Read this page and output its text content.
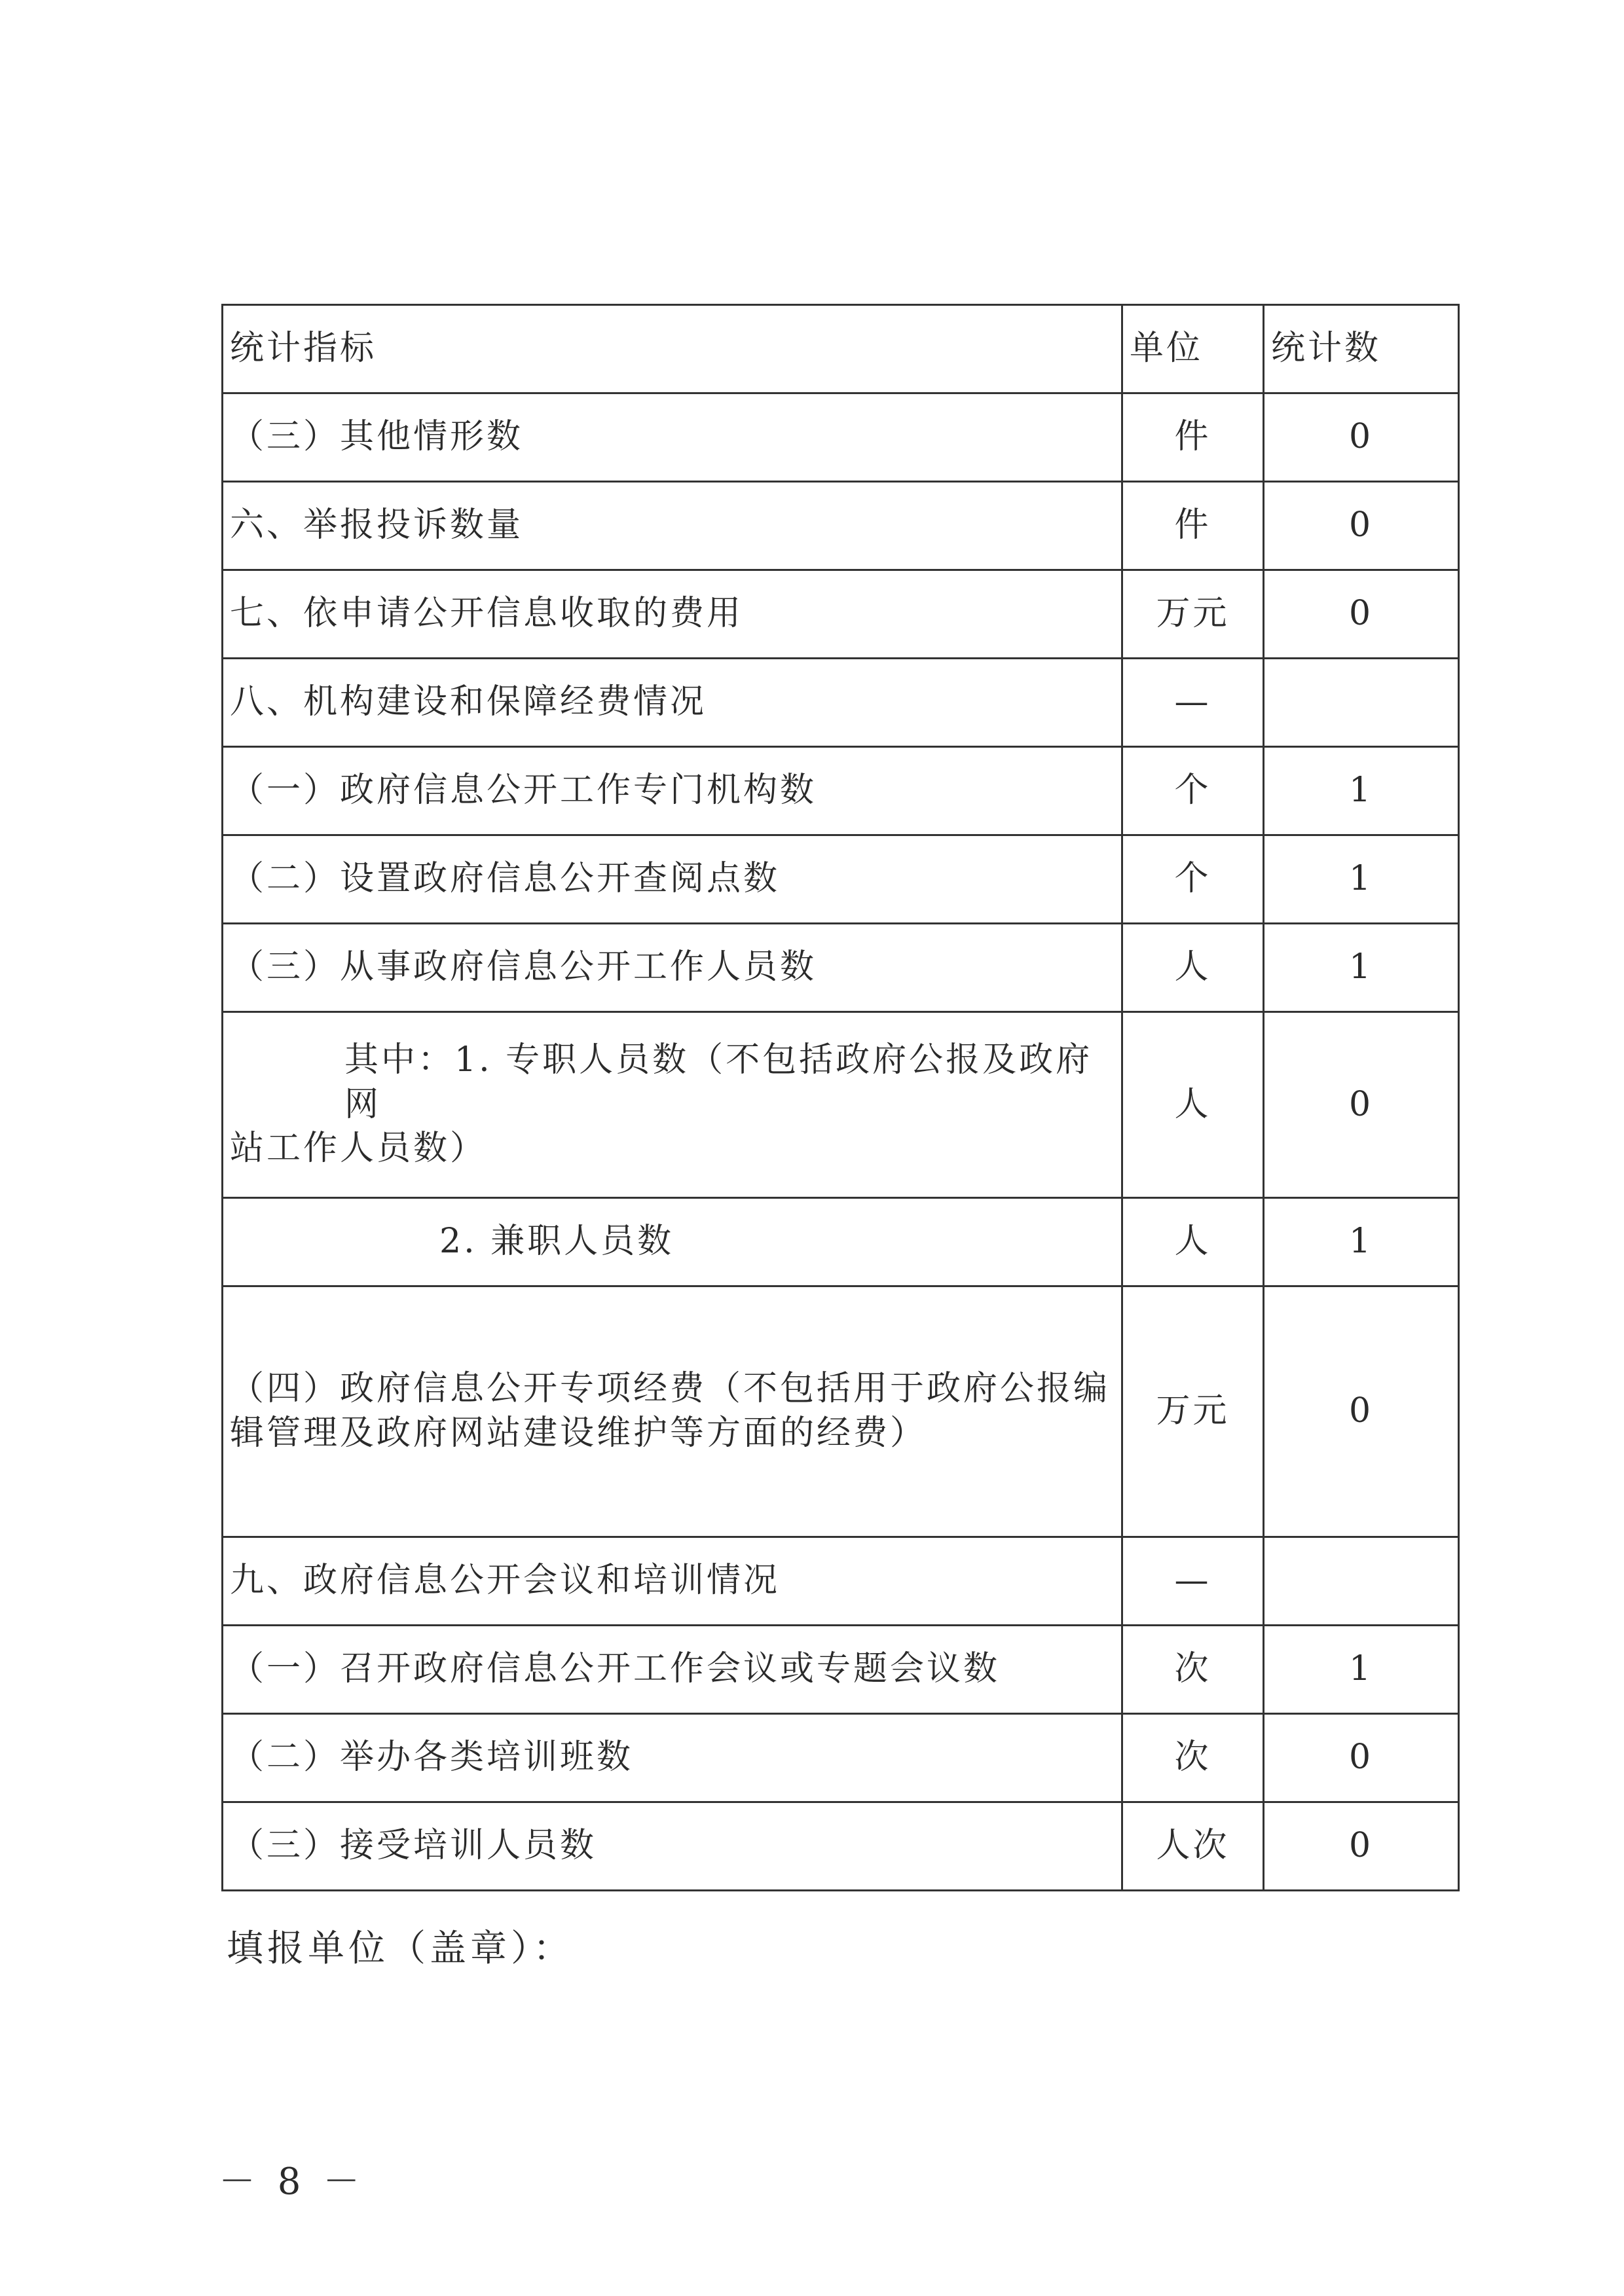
统计指标	单位	统计数
（三）其他情形数	件	0
六、举报投诉数量	件	0
七、依申请公开信息收取的费用	万元	0
八、机构建设和保障经费情况	—	
（一）政府信息公开工作专门机构数	个	1
（二）设置政府信息公开查阅点数	个	1
（三）从事政府信息公开工作人员数	人	1

其中：1. 专职人员数（不包括政府公报及政府网
站工作人员数）	人	0
2. 兼职人员数	人	1

（四）政府信息公开专项经费（不包括用于政府公报编
辑管理及政府网站建设维护等方面的经费）	万元	0
九、政府信息公开会议和培训情况	—	
（一）召开政府信息公开工作会议或专题会议数	次	1
（二）举办各类培训班数	次	0
（三）接受培训人员数	人次	0
填报单位（盖章）：
－ 8 －
